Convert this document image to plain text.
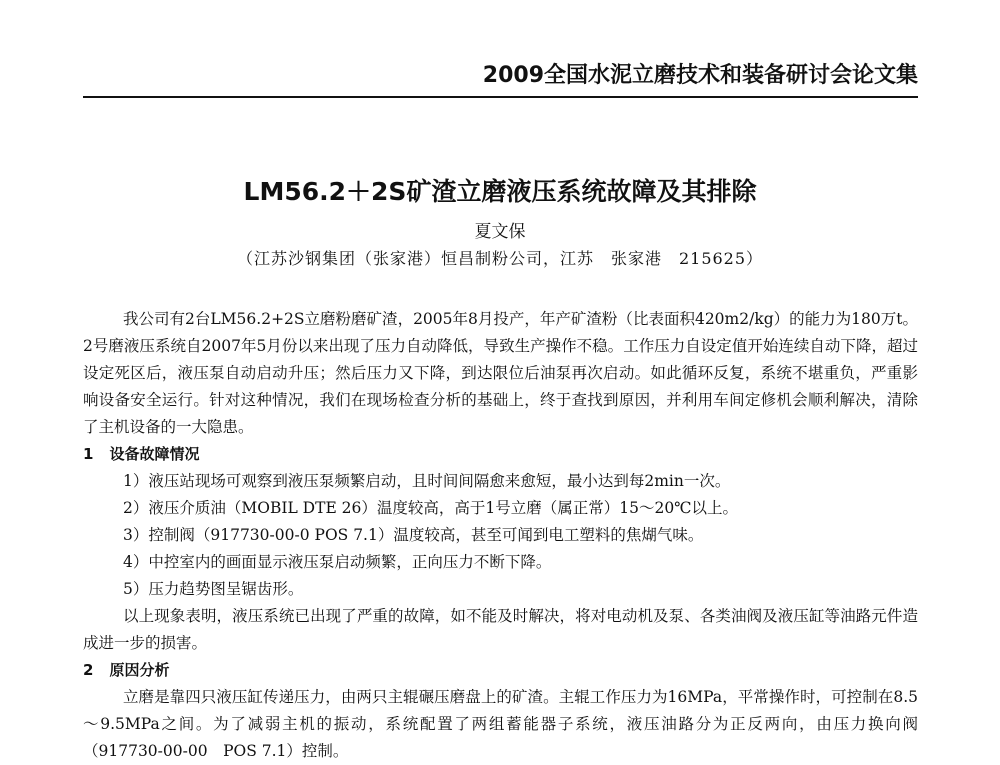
2009全国水泥立磨技术和装备研讨会论文集
LM56.2＋2S矿渣立磨液压系统故障及其排除
夏文保
（江苏沙钢集团（张家港）恒昌制粉公司，江苏　张家港　215625）

我公司有2台LM56.2+2S立磨粉磨矿渣，2005年8月投产，年产矿渣粉（比表面积420m2/kg）的能力为180万t。2号磨液压系统自2007年5月份以来出现了压力自动降低，导致生产操作不稳。工作压力自设定值开始连续自动下降，超过设定死区后，液压泵自动启动升压；然后压力又下降，到达限位后油泵再次启动。如此循环反复，系统不堪重负，严重影响设备安全运行。针对这种情况，我们在现场检查分析的基础上，终于查找到原因，并利用车间定修机会顺利解决，清除了主机设备的一大隐患。

1 设备故障情况

1）液压站现场可观察到液压泵频繁启动，且时间间隔愈来愈短，最小达到每2min一次。

2）液压介质油（MOBIL DTE 26）温度较高，高于1号立磨（属正常）15～20℃以上。

3）控制阀（917730-00-0 POS 7.1）温度较高，甚至可闻到电工塑料的焦煳气味。

4）中控室内的画面显示液压泵启动频繁，正向压力不断下降。

5）压力趋势图呈锯齿形。

以上现象表明，液压系统已出现了严重的故障，如不能及时解决，将对电动机及泵、各类油阀及液压缸等油路元件造成进一步的损害。

2 原因分析

立磨是靠四只液压缸传递压力，由两只主辊碾压磨盘上的矿渣。主辊工作压力为16MPa，平常操作时，可控制在8.5～9.5MPa之间。为了减弱主机的振动，系统配置了两组蓄能器子系统，液压油路分为正反两向，由压力换向阀（917730-00-00　POS 7.1）控制。
